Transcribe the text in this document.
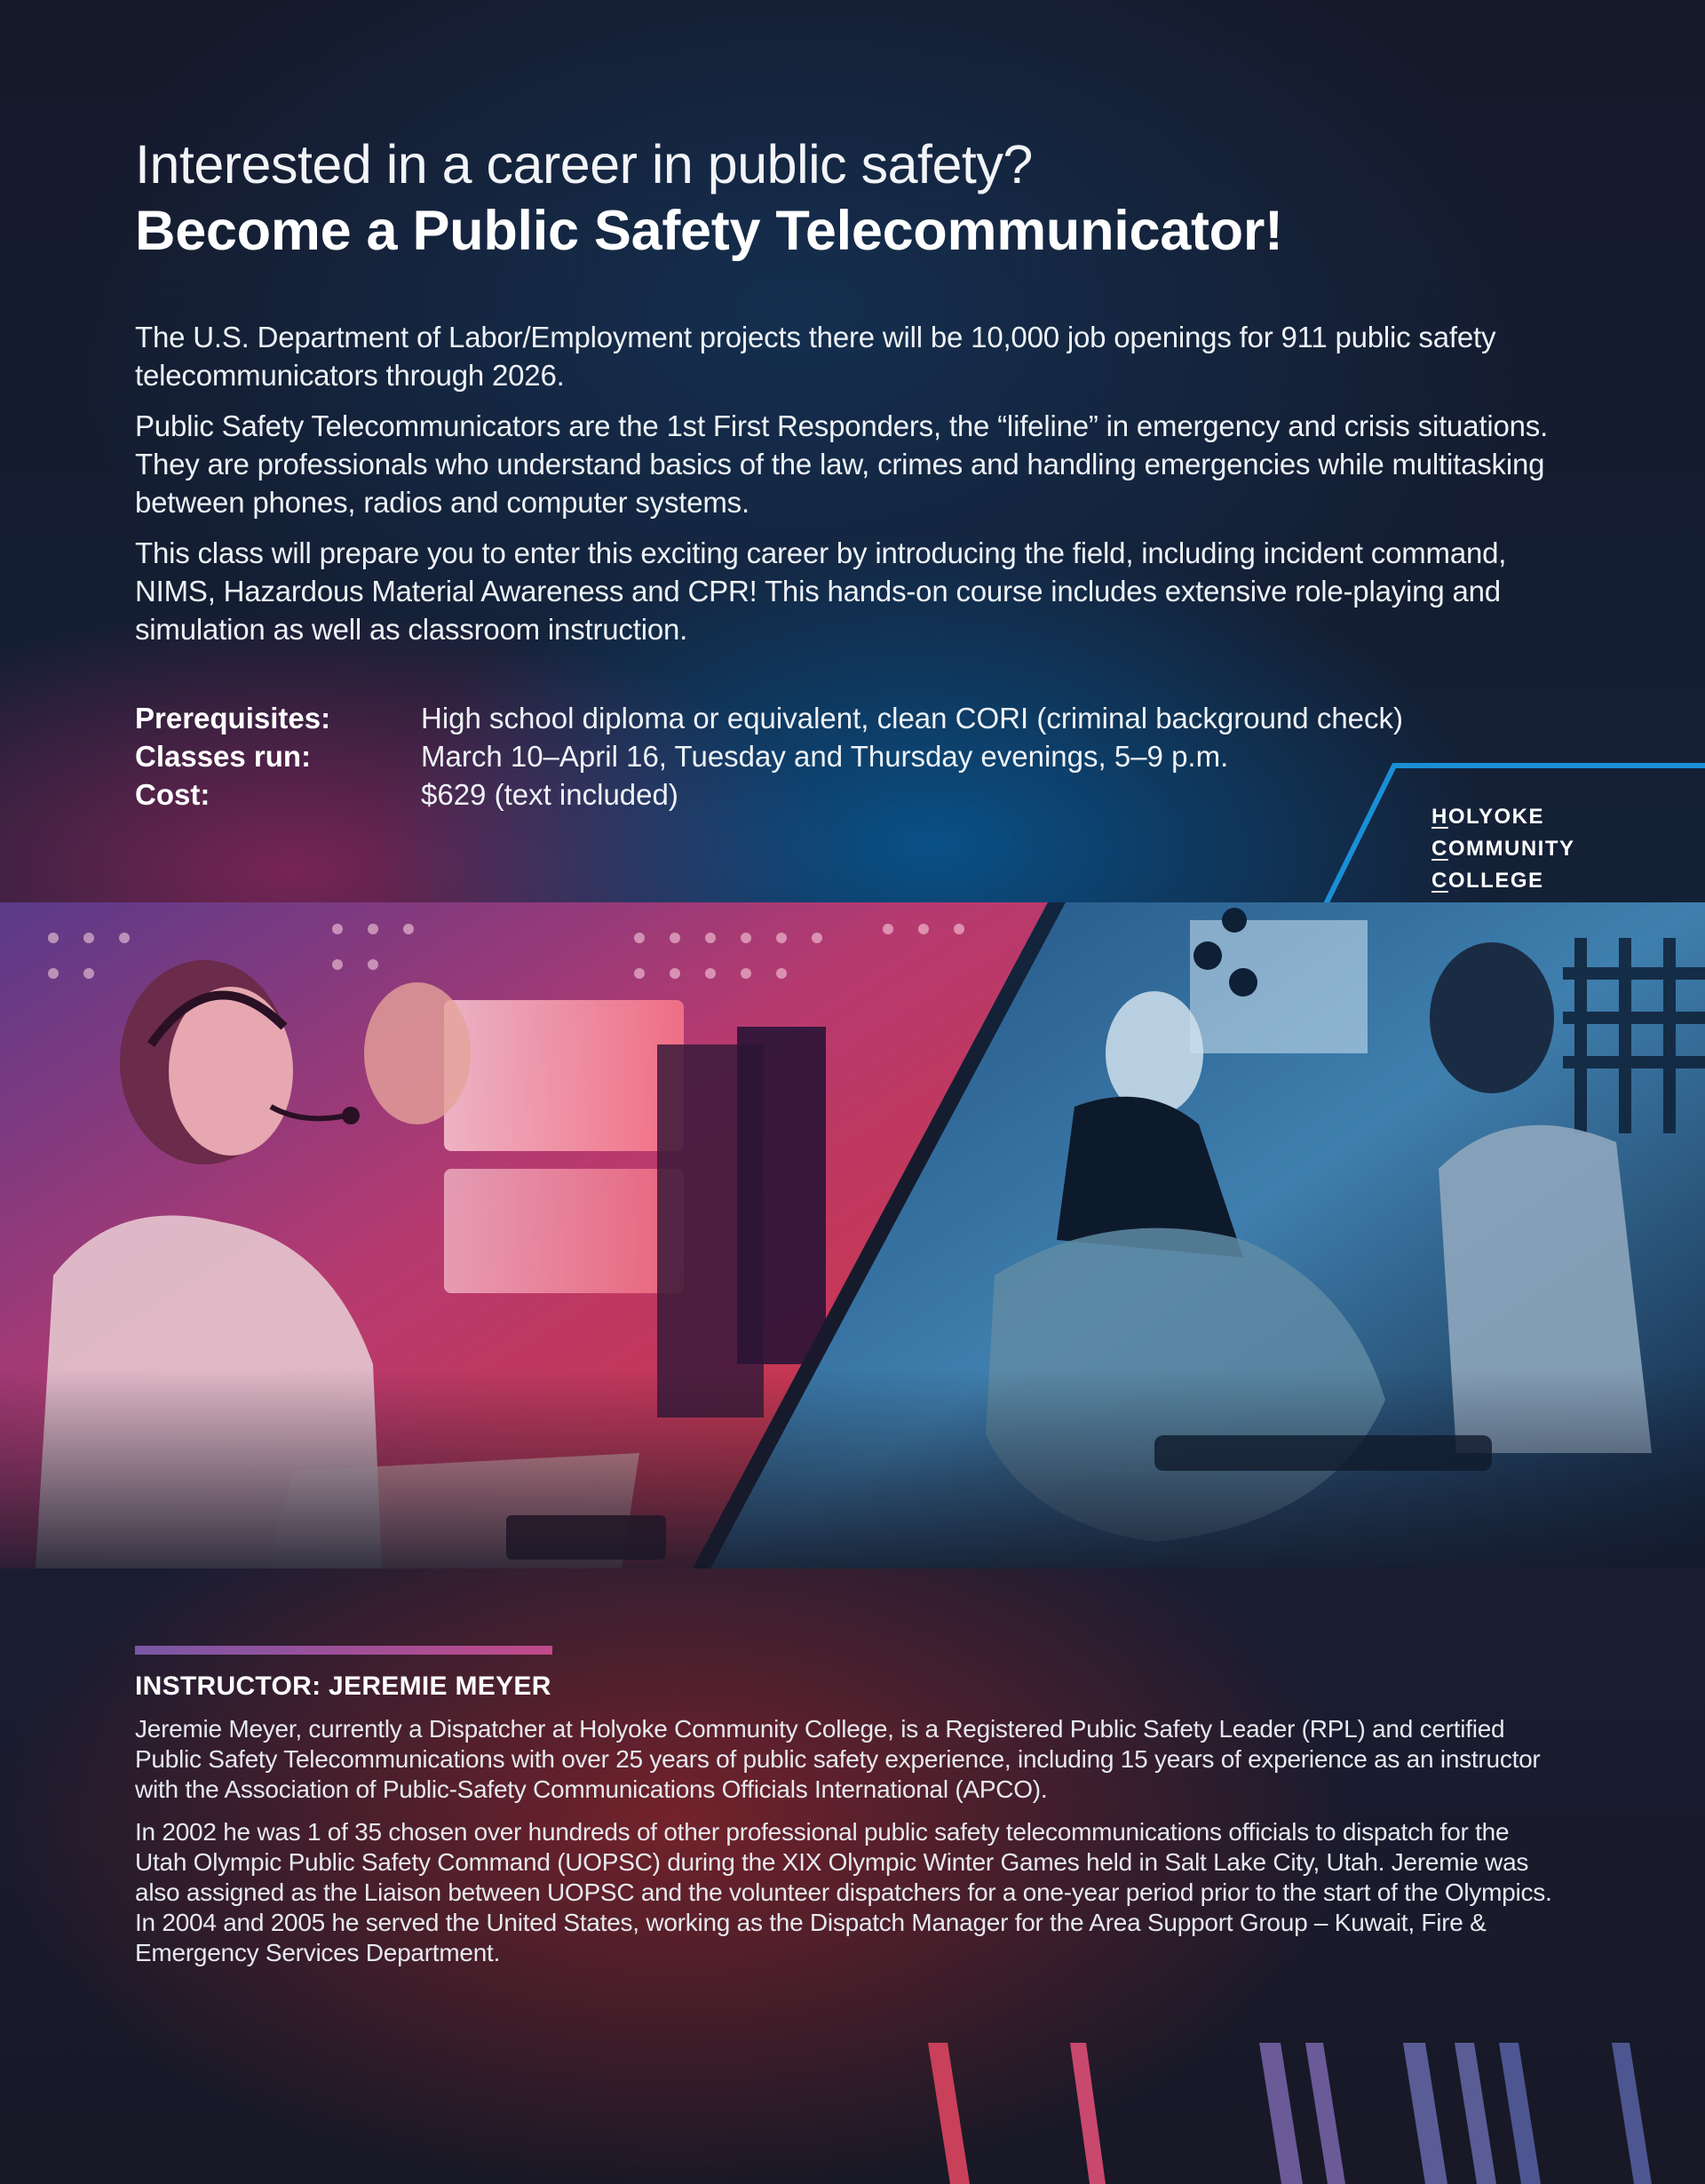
Interested in a career in public safety?
Become a Public Safety Telecommunicator!

The U.S. Department of Labor/Employment projects there will be 10,000 job openings for 911 public safety telecommunicators through 2026.

Public Safety Telecommunicators are the 1st First Responders, the “lifeline” in emergency and crisis situations. They are professionals who understand basics of the law, crimes and handling emergencies while multitasking between phones, radios and computer systems.

This class will prepare you to enter this exciting career by introducing the field, including incident command, NIMS, Hazardous Material Awareness and CPR! This hands-on course includes extensive role-playing and simulation as well as classroom instruction.

Prerequisites:	High school diploma or equivalent, clean CORI (criminal background check)
Classes run:	March 10–April 16, Tuesday and Thursday evenings, 5–9 p.m.
Cost:	$629 (text included)
HOLYOKE
COMMUNITY
COLLEGE
INSTRUCTOR: JEREMIE MEYER

Jeremie Meyer, currently a Dispatcher at Holyoke Community College, is a Registered Public Safety Leader (RPL) and certified Public Safety Telecommunications with over 25 years of public safety experience, including 15 years of experience as an instructor with the Association of Public-Safety Communications Officials International (APCO).

In 2002 he was 1 of 35 chosen over hundreds of other professional public safety telecommunications officials to dispatch for the Utah Olympic Public Safety Command (UOPSC) during the XIX Olympic Winter Games held in Salt Lake City, Utah. Jeremie was also assigned as the Liaison between UOPSC and the volunteer dispatchers for a one-year period prior to the start of the Olympics. In 2004 and 2005 he served the United States, working as the Dispatch Manager for the Area Support Group – Kuwait, Fire & Emergency Services Department.
